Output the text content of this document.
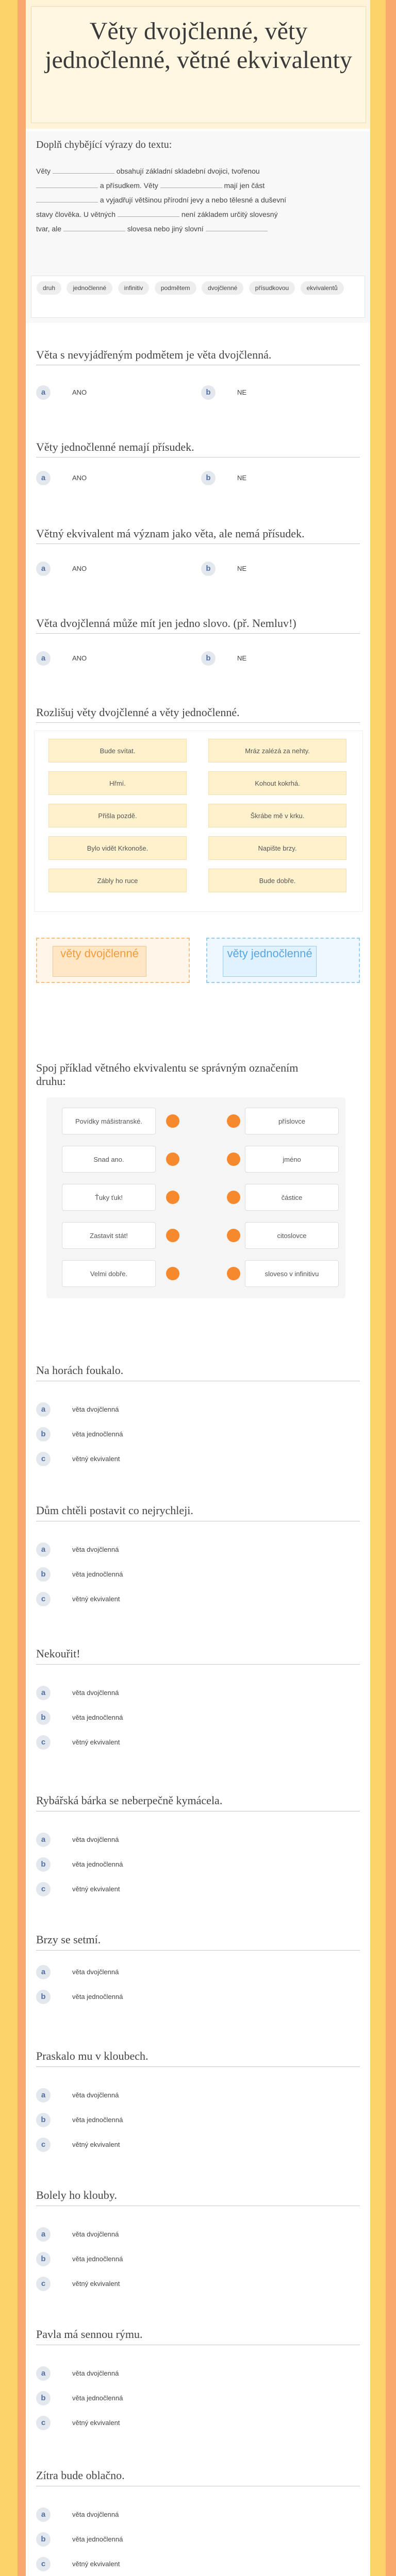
Věty dvojčlenné, věty jednočlenné, větné ekvivalenty
Doplň chybějící výrazy do textu:
Věty	obsahují základní skladební dvojici, tvořenou
a přísudkem. Věty	mají jen část
a vyjadřují většinou přírodní jevy a nebo tělesné a duševní
stavy člověka. U větných	není základem určitý slovesný
tvar, ale	slovesa nebo jiný slovní
druh	jednočlenné	infinitiv	podmětem	dvojčlenné	přísudkovou	ekvivalentů
Věta s nevyjádřeným podmětem je věta dvojčlenná.
a	ANO	b	NE
Věty jednočlenné nemají přísudek.
a	ANO	b	NE
Větný ekvivalent má význam jako věta, ale nemá přísudek.
a	ANO	b	NE
Věta dvojčlenná může mít jen jedno slovo. (př. Nemluv!)
a	ANO	b	NE
Rozlišuj věty dvojčlenné a věty jednočlenné.
Bude svítat.	Mráz zalézá za nehty.
Hřmí.	Kohout kokrhá.
Přišla pozdě.	Škrábe mě v krku.
Bylo vidět Krkonoše.	Napište brzy.
Zábly ho ruce	Bude dobře.
věty dvojčlenné	věty jednočlenné
Spoj příklad větného ekvivalentu se správným označením druhu:
Povídky mášistranské.	příslovce
Snad ano.	jméno
Ťuky ťuk!	částice
Zastavit stát!	citoslovce
Velmi dobře.	sloveso v infinitivu
Na horách foukalo.
a	věta dvojčlenná
b	věta jednočlenná
c	větný ekvivalent
Dům chtěli postavit co nejrychleji.
a	věta dvojčlenná
b	věta jednočlenná
c	větný ekvivalent
Nekouřit!
a	věta dvojčlenná
b	věta jednočlenná
c	větný ekvivalent
Rybářská bárka se neberpečně kymácela.
a	věta dvojčlenná
b	věta jednočlenná
c	větný ekvivalent
Brzy se setmí.
a	věta dvojčlenná
b	věta jednočlenná
Praskalo mu v kloubech.
a	věta dvojčlenná
b	věta jednočlenná
c	větný ekvivalent
Bolely ho klouby.
a	věta dvojčlenná
b	věta jednočlenná
c	větný ekvivalent
Pavla má sennou rýmu.
a	věta dvojčlenná
b	věta jednočlenná
c	větný ekvivalent
Zítra bude oblačno.
a	věta dvojčlenná
b	věta jednočlenná
c	větný ekvivalent
